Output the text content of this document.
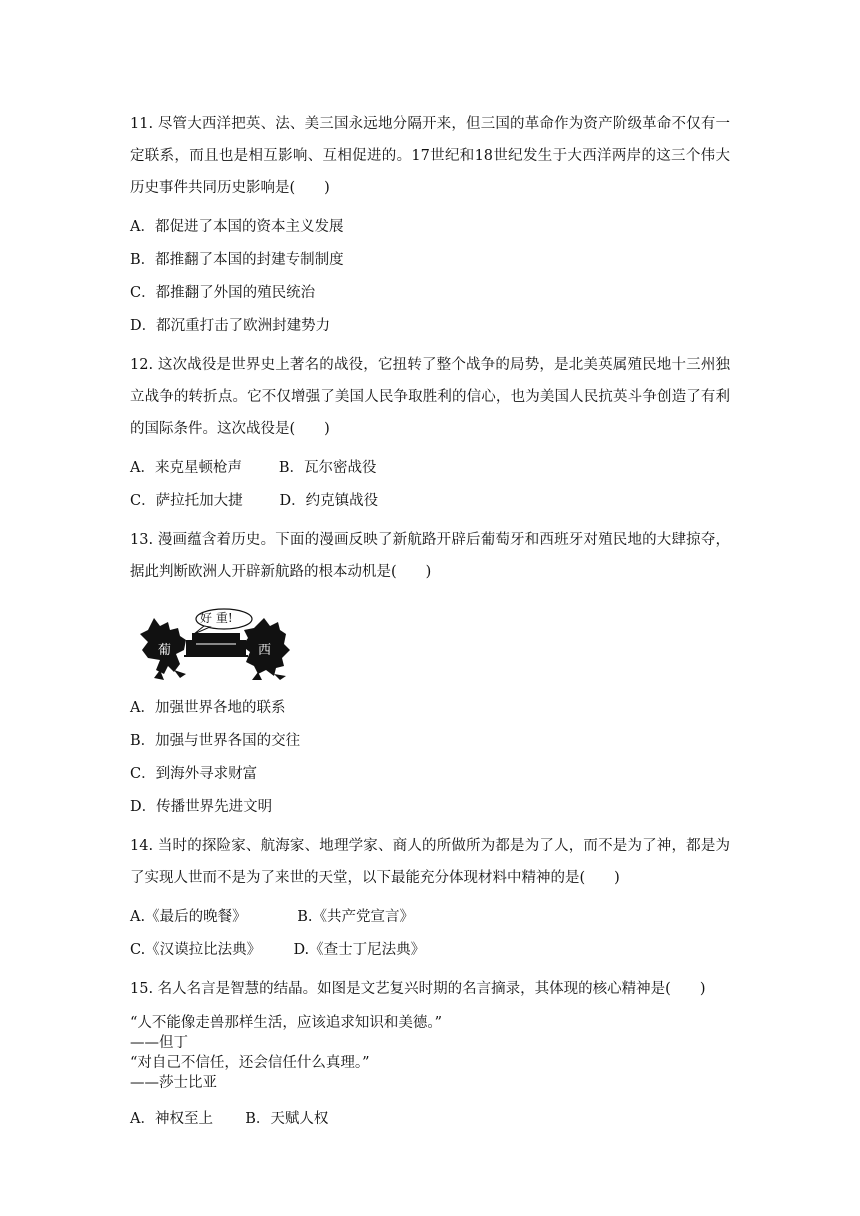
11. 尽管大西洋把英、法、美三国永远地分隔开来，但三国的革命作为资产阶级革命不仅有一定联系，而且也是相互影响、互相促进的。17世纪和18世纪发生于大西洋两岸的这三个伟大历史事件共同历史影响是(　　)

A．都促进了本国的资本主义发展
B．都推翻了本国的封建专制制度
C．都推翻了外国的殖民统治
D．都沉重打击了欧洲封建势力

12. 这次战役是世界史上著名的战役，它扭转了整个战争的局势，是北美英属殖民地十三州独立战争的转折点。它不仅增强了美国人民争取胜利的信心，也为美国人民抗英斗争创造了有利的国际条件。这次战役是(　　)

A．来克星顿枪声        B．瓦尔密战役
C．萨拉托加大捷        D．约克镇战役

13. 漫画蕴含着历史。下面的漫画反映了新航路开辟后葡萄牙和西班牙对殖民地的大肆掠夺，据此判断欧洲人开辟新航路的根本动机是(　　)

好 重!
葡	西
A．加强世界各地的联系
B．加强与世界各国的交往
C．到海外寻求财富
D．传播世界先进文明

14. 当时的探险家、航海家、地理学家、商人的所做所为都是为了人，而不是为了神，都是为了实现人世而不是为了来世的天堂，以下最能充分体现材料中精神的是(　　)

A.《最后的晚餐》           B.《共产党宣言》
C.《汉谟拉比法典》       D.《查士丁尼法典》

15. 名人名言是智慧的结晶。如图是文艺复兴时期的名言摘录，其体现的核心精神是(　　)

“人不能像走兽那样生活，应该追求知识和美德。”

——但丁

“对自己不信任，还会信任什么真理。”

——莎士比亚

A．神权至上       B．天赋人权
